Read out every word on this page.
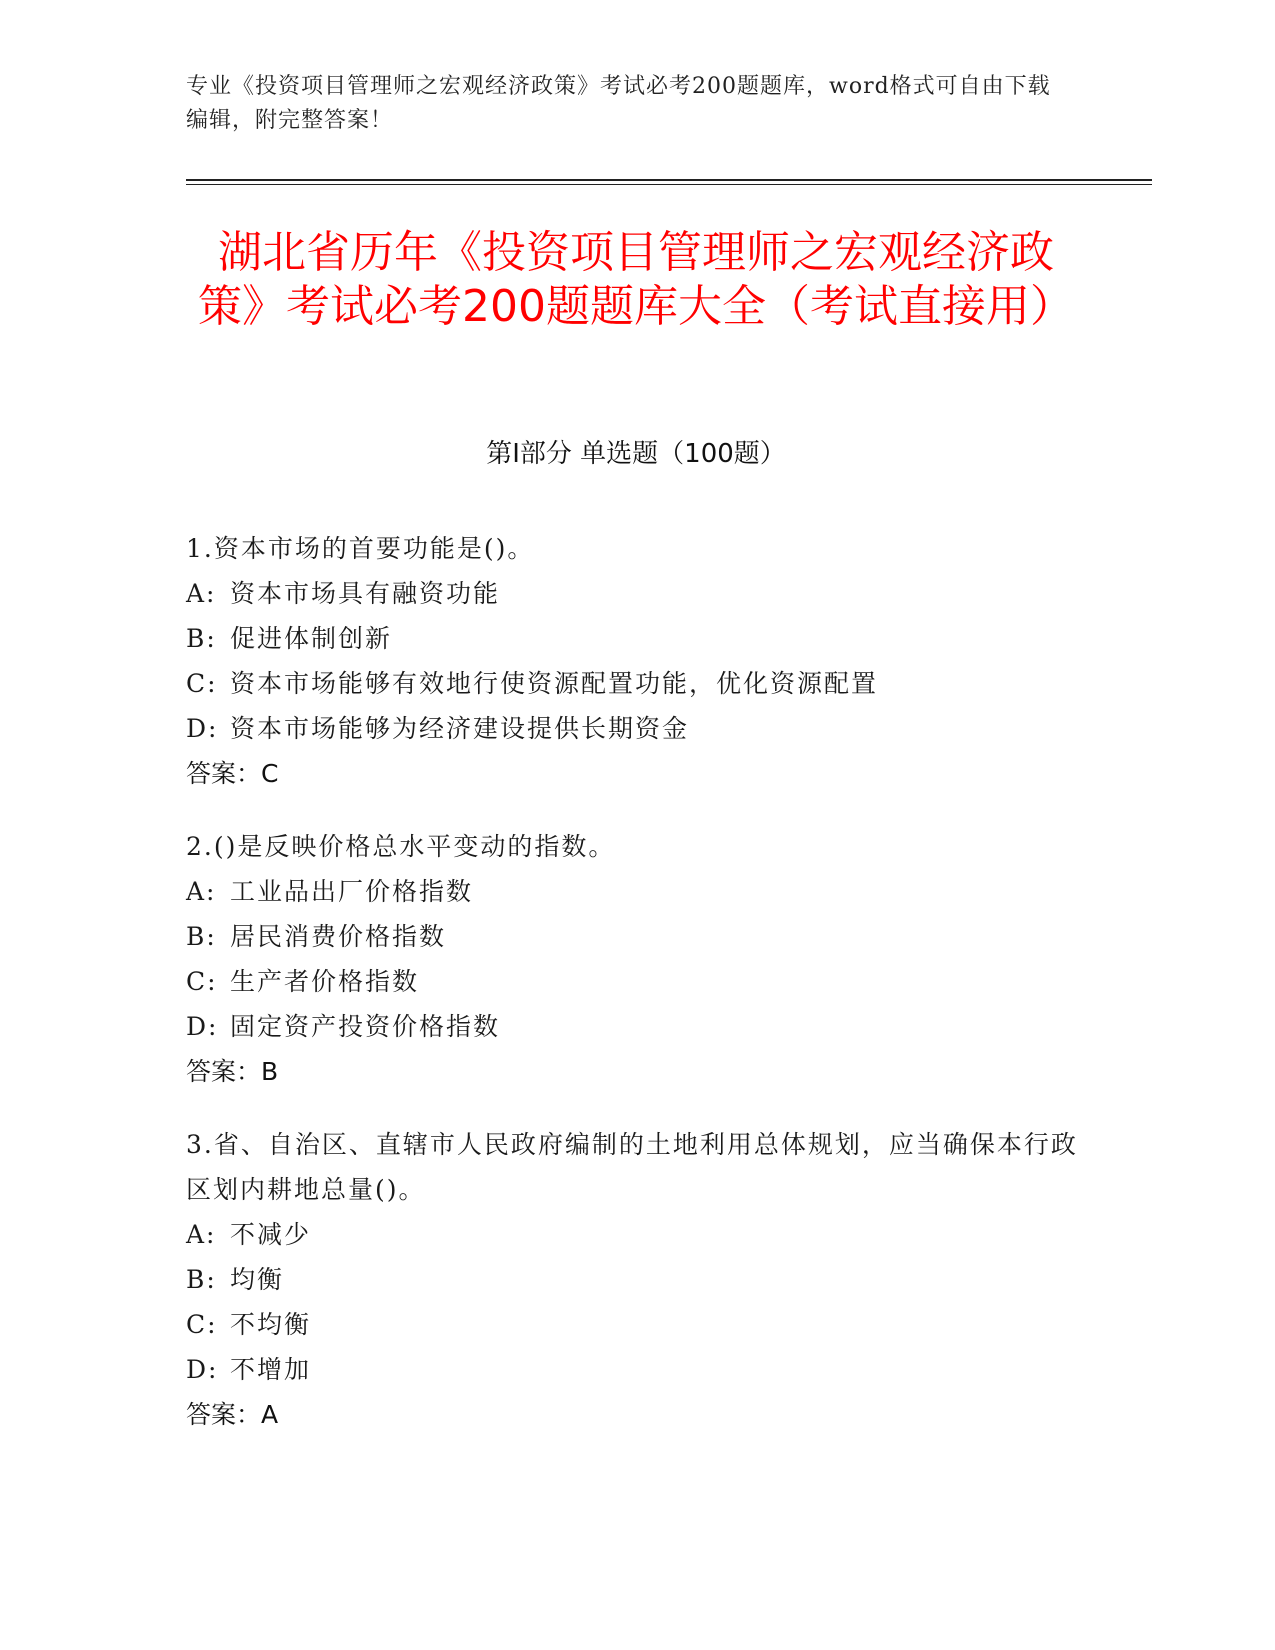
专业《投资项目管理师之宏观经济政策》考试必考200题题库，word格式可自由下载编辑，附完整答案！
湖北省历年《投资项目管理师之宏观经济政策》考试必考200题题库大全（考试直接用）
第I部分 单选题（100题）

1.资本市场的首要功能是()。

A: 资本市场具有融资功能

B: 促进体制创新

C: 资本市场能够有效地行使资源配置功能，优化资源配置

D: 资本市场能够为经济建设提供长期资金

答案：C

2.()是反映价格总水平变动的指数。

A: 工业品出厂价格指数

B: 居民消费价格指数

C: 生产者价格指数

D: 固定资产投资价格指数

答案：B

3.省、自治区、直辖市人民政府编制的土地利用总体规划，应当确保本行政区划内耕地总量()。

A: 不减少

B: 均衡

C: 不均衡

D: 不增加

答案：A
